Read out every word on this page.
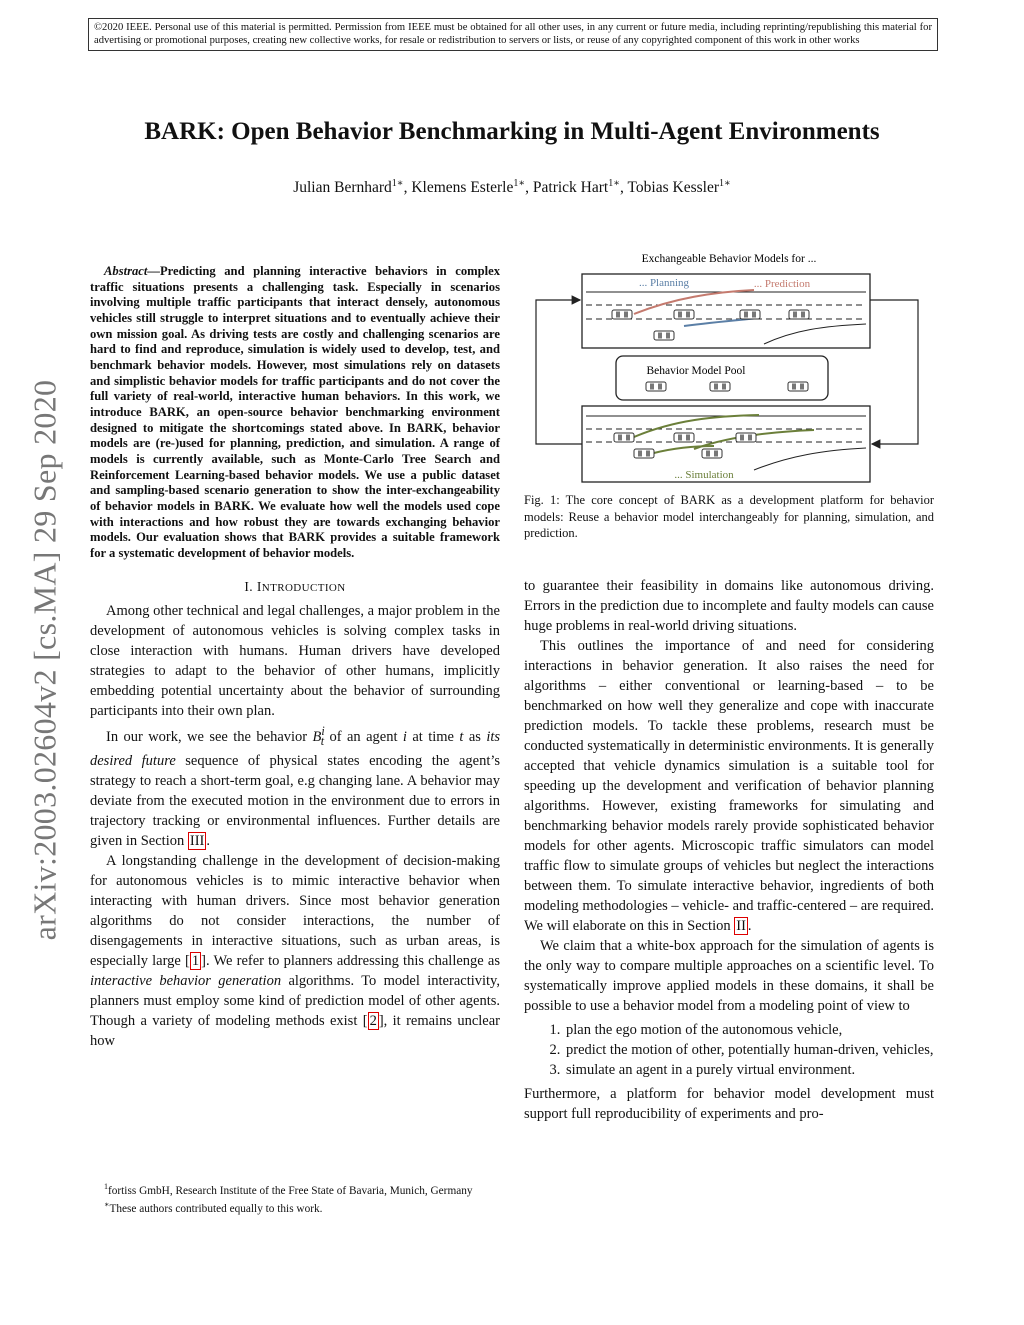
©2020 IEEE. Personal use of this material is permitted. Permission from IEEE must be obtained for all other uses, in any current or future media, including reprinting/republishing this material for advertising or promotional purposes, creating new collective works, for resale or redistribution to servers or lists, or reuse of any copyrighted component of this work in other works
arXiv:2003.02604v2 [cs.MA] 29 Sep 2020
BARK: Open Behavior Benchmarking in Multi-Agent Environments
Julian Bernhard$^{1∗}$, Klemens Esterle$^{1∗}$, Patrick Hart$^{1∗}$, Tobias Kessler$^{1∗}$

Abstract—Predicting and planning interactive behaviors in complex traffic situations presents a challenging task. Especially in scenarios involving multiple traffic participants that interact densely, autonomous vehicles still struggle to interpret situations and to eventually achieve their own mission goal. As driving tests are costly and challenging scenarios are hard to find and reproduce, simulation is widely used to develop, test, and benchmark behavior models. However, most simulations rely on datasets and simplistic behavior models for traffic participants and do not cover the full variety of real-world, interactive human behaviors. In this work, we introduce BARK, an open-source behavior benchmarking environment designed to mitigate the shortcomings stated above. In BARK, behavior models are (re-)used for planning, prediction, and simulation. A range of models is currently available, such as Monte-Carlo Tree Search and Reinforcement Learning-based behavior models. We use a public dataset and sampling-based scenario generation to show the inter-exchangeability of behavior models in BARK. We evaluate how well the models used cope with interactions and how robust they are towards exchanging behavior models. Our evaluation shows that BARK provides a suitable framework for a systematic development of behavior models.

I. INTRODUCTION

Among other technical and legal challenges, a major problem in the development of autonomous vehicles is solving complex tasks in close interaction with humans. Human drivers have developed strategies to adapt to the behavior of other humans, implicitly embedding potential uncertainty about the behavior of surrounding participants into their own plan.

In our work, we see the behavior $B^i_t$ of an agent i at time t as its desired future sequence of physical states encoding the agent’s strategy to reach a short-term goal, e.g changing lane. A behavior may deviate from the executed motion in the environment due to errors in trajectory tracking or environmental influences. Further details are given in Section III .

A longstanding challenge in the development of decision-making for autonomous vehicles is to mimic interactive behavior when interacting with human drivers. Since most behavior generation algorithms do not consider interactions, the number of disengagements in interactive situations, such as urban areas, is especially large [ 1 ]. We refer to planners addressing this challenge as interactive behavior generation algorithms. To model interactivity, planners must employ some kind of prediction model of other agents. Though a variety of modeling methods exist [ 2 ], it remains unclear how

$^1$fortiss GmbH, Research Institute of the Free State of Bavaria, Munich, Germany

∗These authors contributed equally to this work.

Exchangeable Behavior Models for ...
... Planning	... Prediction
Behavior Model Pool
... Simulation
Fig. 1: The core concept of BARK as a development platform for behavior models: Reuse a behavior model interchangeably for planning, simulation, and prediction.

to guarantee their feasibility in domains like autonomous driving. Errors in the prediction due to incomplete and faulty models can cause huge problems in real-world driving situations.

This outlines the importance of and need for considering interactions in behavior generation. It also raises the need for algorithms – either conventional or learning-based – to be benchmarked on how well they generalize and cope with inaccurate prediction models. To tackle these problems, research must be conducted systematically in deterministic environments. It is generally accepted that vehicle dynamics simulation is a suitable tool for speeding up the development and verification of behavior planning algorithms. However, existing frameworks for simulating and benchmarking behavior models rarely provide sophisticated behavior models for other agents. Microscopic traffic simulators can model traffic flow to simulate groups of vehicles but neglect the interactions between them. To simulate interactive behavior, ingredients of both modeling methodologies – vehicle- and traffic-centered – are required. We will elaborate on this in Section II .

We claim that a white-box approach for the simulation of agents is the only way to compare multiple approaches on a scientific level. To systematically improve applied models in these domains, it shall be possible to use a behavior model from a modeling point of view to

1. plan the ego motion of the autonomous vehicle,
2. predict the motion of other, potentially human-driven, vehicles,
3. simulate an agent in a purely virtual environment.

Furthermore, a platform for behavior model development must support full reproducibility of experiments and pro-
